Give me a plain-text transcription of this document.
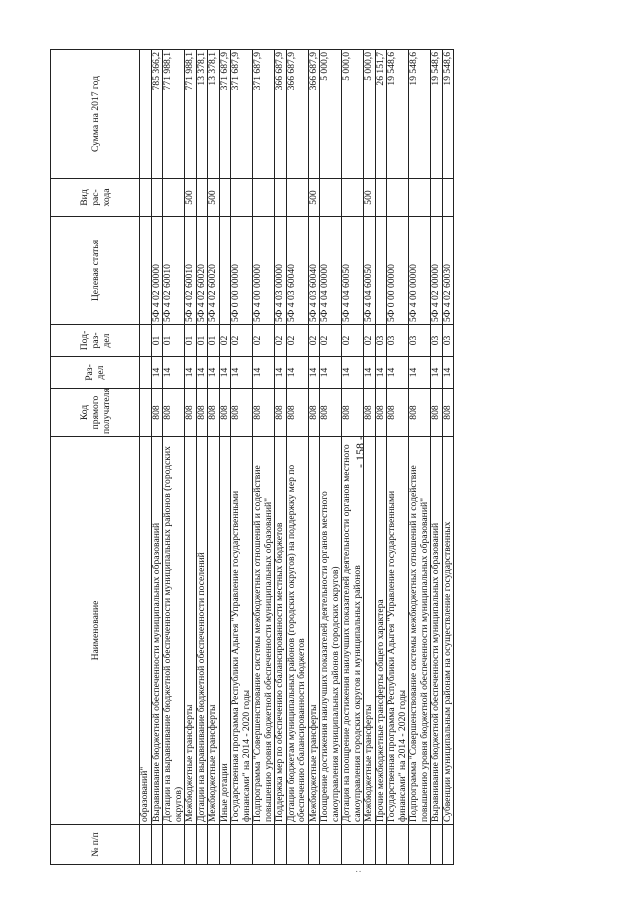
- 158 -
№ п/п	Наименование	Код прямого получателя	Раз-дел	Под-раз-дел	Целевая статья	Вид рас-хода	Сумма на 2017 год
	образований"						
	Выравнивание бюджетной обеспеченности муниципальных образований	808	14	01	5Ф 4 02 00000		785 366,2
	Дотации на выравнивание бюджетной обеспеченности муниципальных районов (городских округов)	808	14	01	5Ф 4 02 60010		771 988,1
	Межбюджетные трансферты	808	14	01	5Ф 4 02 60010	500	771 988,1
	Дотации на выравнивание бюджетной обеспеченности поселений	808	14	01	5Ф 4 02 60020		13 378,1
	Межбюджетные трансферты	808	14	01	5Ф 4 02 60020	500	13 378,1
	Иные дотации	808	14	02			371 687,9
	Государственная программа Республики Адыгея "Управление государственными финансами" на 2014 - 2020 годы	808	14	02	5Ф 0 00 00000		371 687,9
	Подпрограмма "Совершенствование системы межбюджетных отношений и содействие повышению уровня бюджетной обеспеченности муниципальных образований"	808	14	02	5Ф 4 00 00000		371 687,9
	Поддержка мер по обеспечению сбалансированности местных бюджетов	808	14	02	5Ф 4 03 00000		366 687,9
	Дотации бюджетам муниципальных районов (городских округов) на поддержку мер по обеспечению сбалансированности бюджетов	808	14	02	5Ф 4 03 60040		366 687,9
	Межбюджетные трансферты	808	14	02	5Ф 4 03 60040	500	366 687,9
	Поощрение достижения наилучших показателей деятельности органов местного самоуправления муниципальных районов (городских округов)	808	14	02	5Ф 4 04 00000		5 000,0
	Дотация на поощрение достижения наилучших показателей деятельности органов местного самоуправления городских округов и муниципальных районов	808	14	02	5Ф 4 04 60050		5 000,0
	Межбюджетные трансферты	808	14	02	5Ф 4 04 60050	500	5 000,0
	Прочие межбюджетные трансферты общего характера	808	14	03			26 151,7
	Государственная программа Республики Адыгея "Управление государственными финансами" на 2014 - 2020 годы	808	14	03	5Ф 0 00 00000		19 548,6
	Подпрограмма "Совершенствование системы межбюджетных отношений и содействие повышению уровня бюджетной обеспеченности муниципальных образований"	808	14	03	5Ф 4 00 00000		19 548,6
	Выравнивание бюджетной обеспеченности муниципальных образований	808	14	03	5Ф 4 02 00000		19 548,6
	Субвенции муниципальным районам на осуществление государственных	808	14	03	5Ф 4 02 60030		19 548,6
˙˙
